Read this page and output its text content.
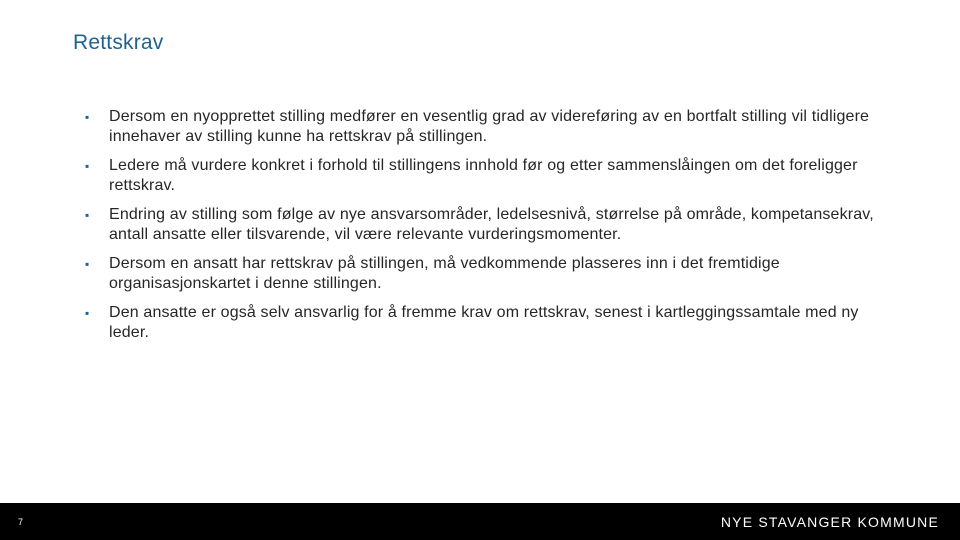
Rettskrav
▪ Dersom en nyopprettet stilling medfører en vesentlig grad av videreføring av en bortfalt stilling vil tidligere innehaver av stilling kunne ha rettskrav på stillingen.
▪ Ledere må vurdere konkret i forhold til stillingens innhold før og etter sammenslåingen om det foreligger rettskrav.
▪ Endring av stilling som følge av nye ansvarsområder, ledelsesnivå, størrelse på område, kompetansekrav, antall ansatte eller tilsvarende, vil være relevante vurderingsmomenter.
▪ Dersom en ansatt har rettskrav på stillingen, må vedkommende plasseres inn i det fremtidige organisasjonskartet i denne stillingen.
▪ Den ansatte er også selv ansvarlig for å fremme krav om rettskrav, senest i kartleggingssamtale med ny leder.
7	NYE STAVANGER KOMMUNE
